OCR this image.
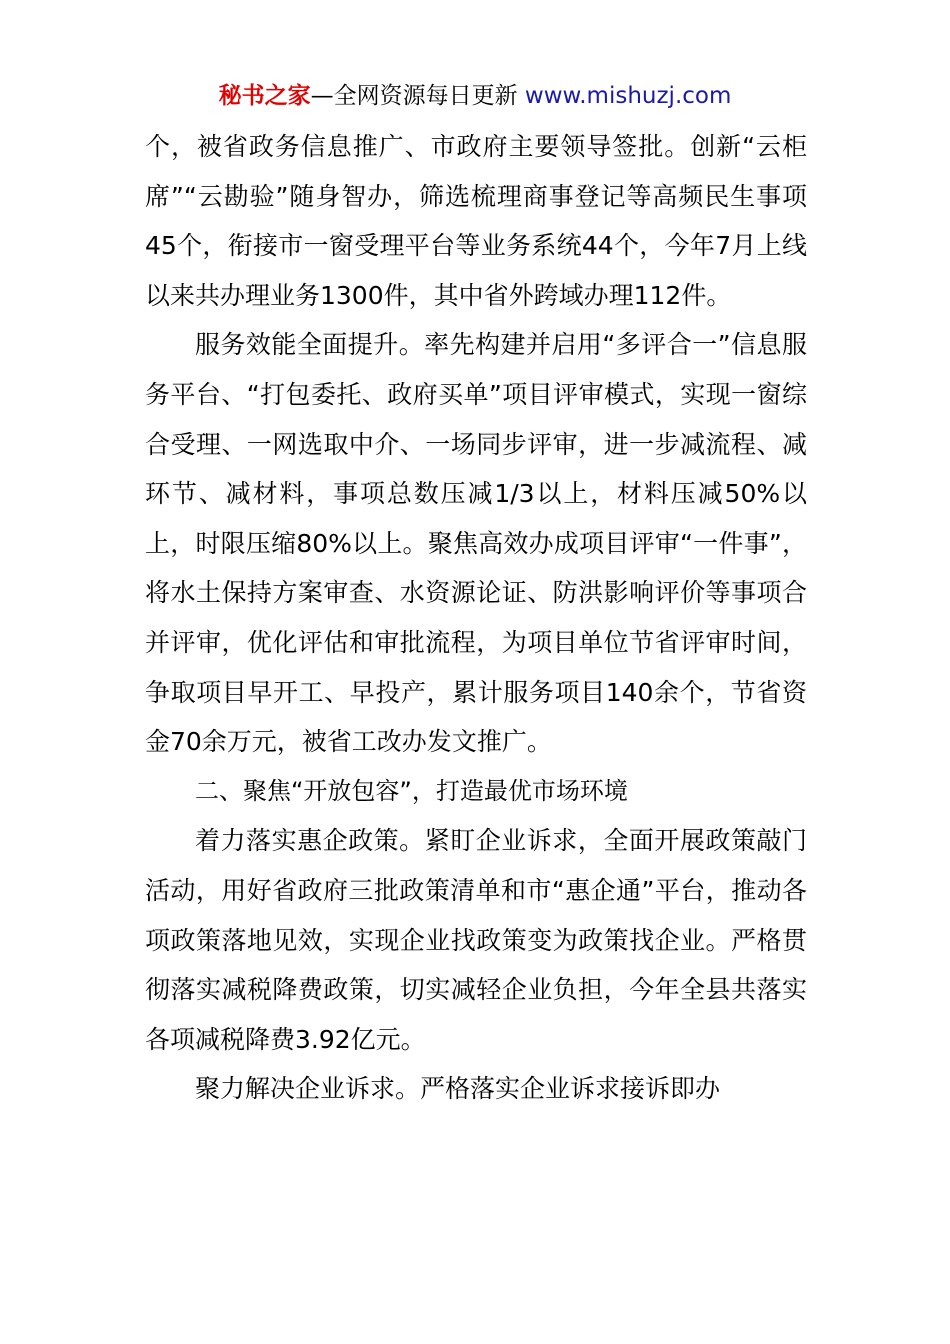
秘书之家—全网资源每日更新 www.mishuzj.com

个，被省政务信息推广、市政府主要领导签批。创新“云柜席”“云勘验”随身智办，筛选梳理商事登记等高频民生事项45个，衔接市一窗受理平台等业务系统44个，今年7月上线以来共办理业务1300件，其中省外跨域办理112件。

服务效能全面提升。率先构建并启用“多评合一”信息服务平台、“打包委托、政府买单”项目评审模式，实现一窗综合受理、一网选取中介、一场同步评审，进一步减流程、减环节、减材料，事项总数压减1/3以上，材料压减50%以上，时限压缩80%以上。聚焦高效办成项目评审“一件事”，将水土保持方案审查、水资源论证、防洪影响评价等事项合并评审，优化评估和审批流程，为项目单位节省评审时间，争取项目早开工、早投产，累计服务项目140余个，节省资金70余万元，被省工改办发文推广。

二、聚焦“开放包容”，打造最优市场环境

着力落实惠企政策。紧盯企业诉求，全面开展政策敲门活动，用好省政府三批政策清单和市“惠企通”平台，推动各项政策落地见效，实现企业找政策变为政策找企业。严格贯彻落实减税降费政策，切实减轻企业负担，今年全县共落实各项减税降费3.92亿元。

聚力解决企业诉求。严格落实企业诉求接诉即办
